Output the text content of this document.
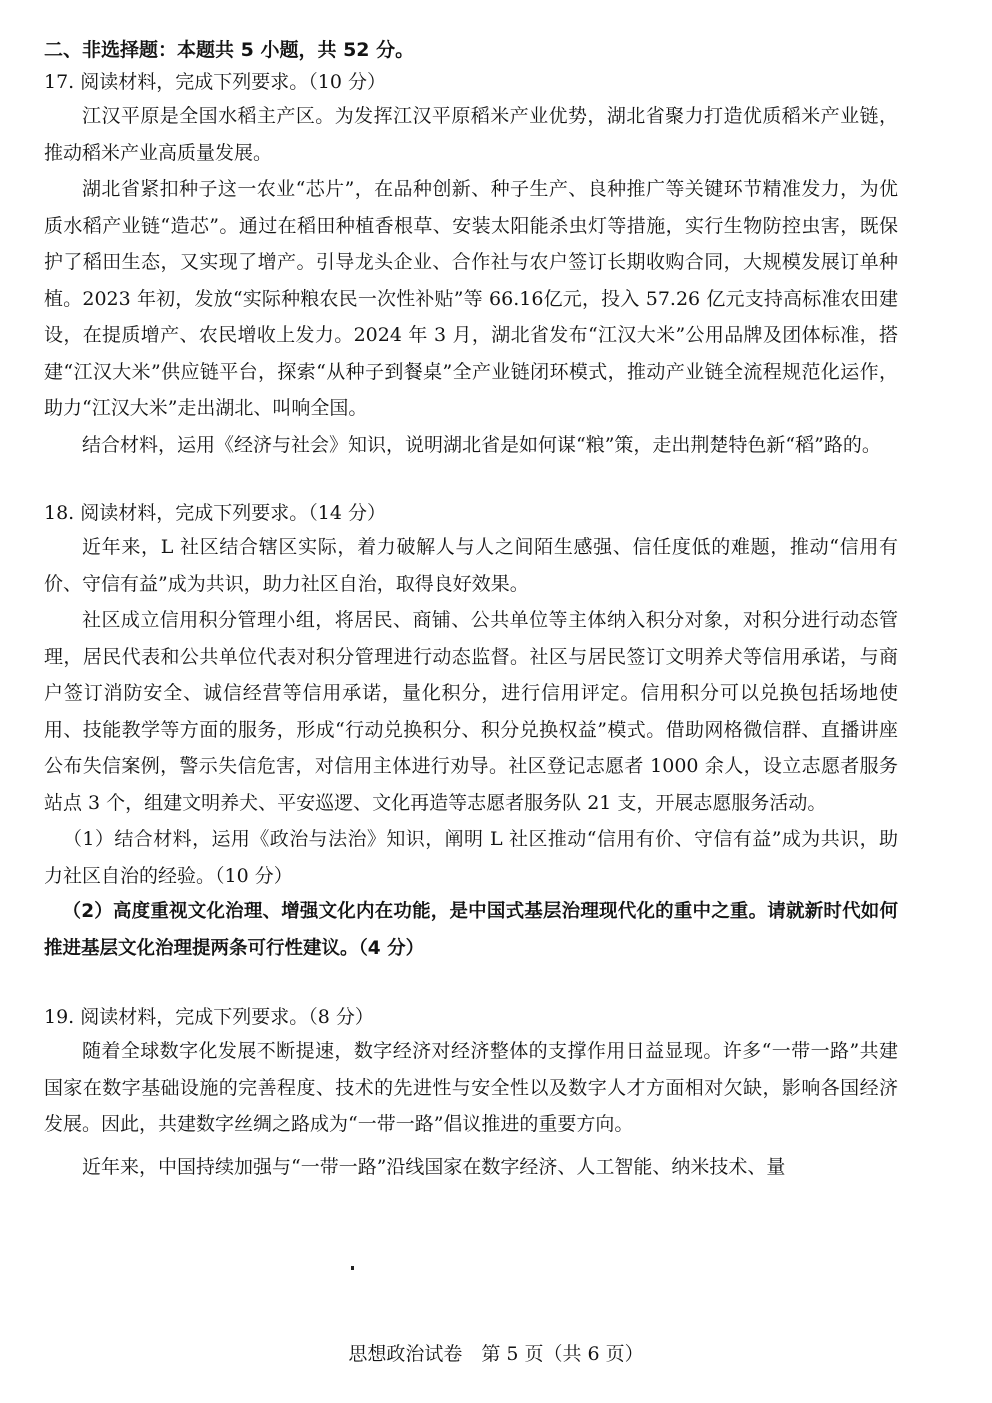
二、非选择题：本题共 5 小题，共 52 分。
17. 阅读材料，完成下列要求。（10 分）

江汉平原是全国水稻主产区。为发挥江汉平原稻米产业优势，湖北省聚力打造优质稻米产业链，推动稻米产业高质量发展。

湖北省紧扣种子这一农业“芯片”，在品种创新、种子生产、良种推广等关键环节精准发力，为优质水稻产业链“造芯”。通过在稻田种植香根草、安装太阳能杀虫灯等措施，实行生物防控虫害，既保护了稻田生态，又实现了增产。引导龙头企业、合作社与农户签订长期收购合同，大规模发展订单种植。2023 年初，发放“实际种粮农民一次性补贴”等 66.16亿元，投入 57.26 亿元支持高标准农田建设，在提质增产、农民增收上发力。2024 年 3 月，湖北省发布“江汉大米”公用品牌及团体标准，搭建“江汉大米”供应链平台，探索“从种子到餐桌”全产业链闭环模式，推动产业链全流程规范化运作，助力“江汉大米”走出湖北、叫响全国。

结合材料，运用《经济与社会》知识，说明湖北省是如何谋“粮”策，走出荆楚特色新“稻”路的。

18. 阅读材料，完成下列要求。（14 分）

近年来，L 社区结合辖区实际，着力破解人与人之间陌生感强、信任度低的难题，推动“信用有价、守信有益”成为共识，助力社区自治，取得良好效果。

社区成立信用积分管理小组，将居民、商铺、公共单位等主体纳入积分对象，对积分进行动态管理，居民代表和公共单位代表对积分管理进行动态监督。社区与居民签订文明养犬等信用承诺，与商户签订消防安全、诚信经营等信用承诺，量化积分，进行信用评定。信用积分可以兑换包括场地使用、技能教学等方面的服务，形成“行动兑换积分、积分兑换权益”模式。借助网格微信群、直播讲座公布失信案例，警示失信危害，对信用主体进行劝导。社区登记志愿者 1000 余人，设立志愿者服务站点 3 个，组建文明养犬、平安巡逻、文化再造等志愿者服务队 21 支，开展志愿服务活动。

（1）结合材料，运用《政治与法治》知识，阐明 L 社区推动“信用有价、守信有益”成为共识，助力社区自治的经验。（10 分）

（2）高度重视文化治理、增强文化内在功能，是中国式基层治理现代化的重中之重。请就新时代如何推进基层文化治理提两条可行性建议。（4 分）

19. 阅读材料，完成下列要求。（8 分）

随着全球数字化发展不断提速，数字经济对经济整体的支撑作用日益显现。许多“一带一路”共建国家在数字基础设施的完善程度、技术的先进性与安全性以及数字人才方面相对欠缺，影响各国经济发展。因此，共建数字丝绸之路成为“一带一路”倡议推进的重要方向。

近年来，中国持续加强与“一带一路”沿线国家在数字经济、人工智能、纳米技术、量

思想政治试卷　第 5 页（共 6 页）
